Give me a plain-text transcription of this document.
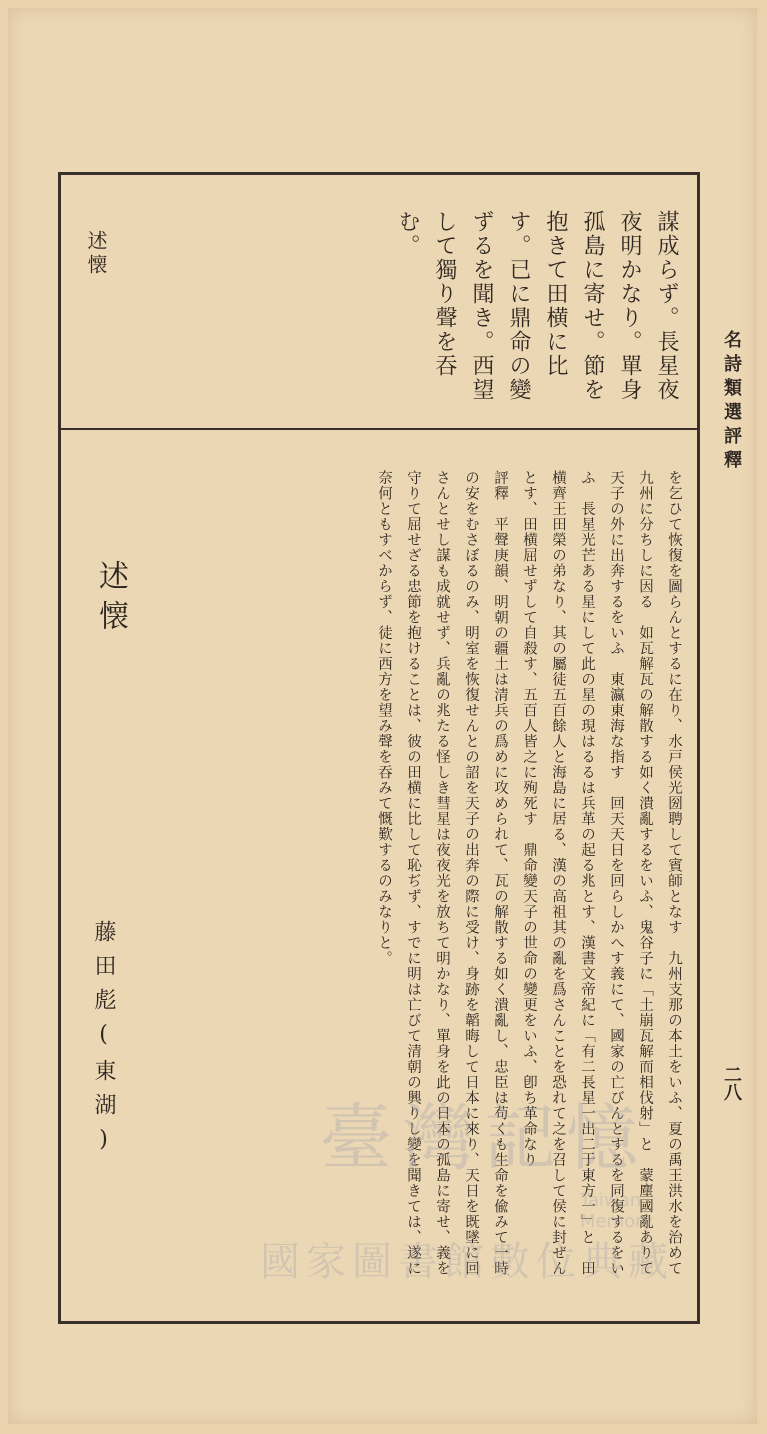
名詩類選評釋
二八
謀成らず。長星夜夜明かなり。單身孤島に寄せ。節を抱きて田横に比す。已に鼎命の變ずるを聞き。西望して獨り聲を吞む。
述懐

を乞ひて恢復を圖らんとするに在り、水戸侯光圀聘して賓師となす　九州支那の本土をいふ、夏の禹王洪水を治めて九州に分ちしに因る　如瓦解瓦の解散する如く潰亂するをいふ、鬼谷子に「土崩瓦解而相伐射」と　蒙塵國亂ありて天子の外に出奔するをいふ　東瀛東海な指す　回天天日を回らしかへす義にて、國家の亡びんとするを同復するをいふ　長星光芒ある星にして此の星の現はるるは兵革の起る兆とす、漢書文帝紀に「有二長星一出二于東方一」と　田横齊王田榮の弟なり、其の屬徒五百餘人と海島に居る、漢の高祖其の亂を爲さんことを恐れて之を召して侯に封ぜんとす、田横屈せずして自殺す、五百人皆之に殉死す　鼎命變天子の世命の變更をいふ、卽ち革命なり

評釋　平聲庚韻、明朝の疆土は清兵の爲めに攻められて、瓦の解散する如く潰亂し、忠臣は苟くも生命を偸みて一時の安をむさぼるのみ、明室を恢復せんとの詔を天子の出奔の際に受け、身跡を韜晦して日本に來り、天日を既墜に回さんとせし謀も成就せず、兵亂の兆たる怪しき彗星は夜夜光を放ちて明かなり、單身を此の日本の孤島に寄せ、義を守りて屈せざる忠節を抱けることは、彼の田横に比して恥ぢず、すでに明は亡びて清朝の興りし變を聞きては、遂に奈何ともすべからず、徒に西方を望み聲を吞みて慨歎するのみなりと。

述懐
藤田彪(東湖)	臺灣記憶
國家圖書館數位典藏
Taiwan Memory
